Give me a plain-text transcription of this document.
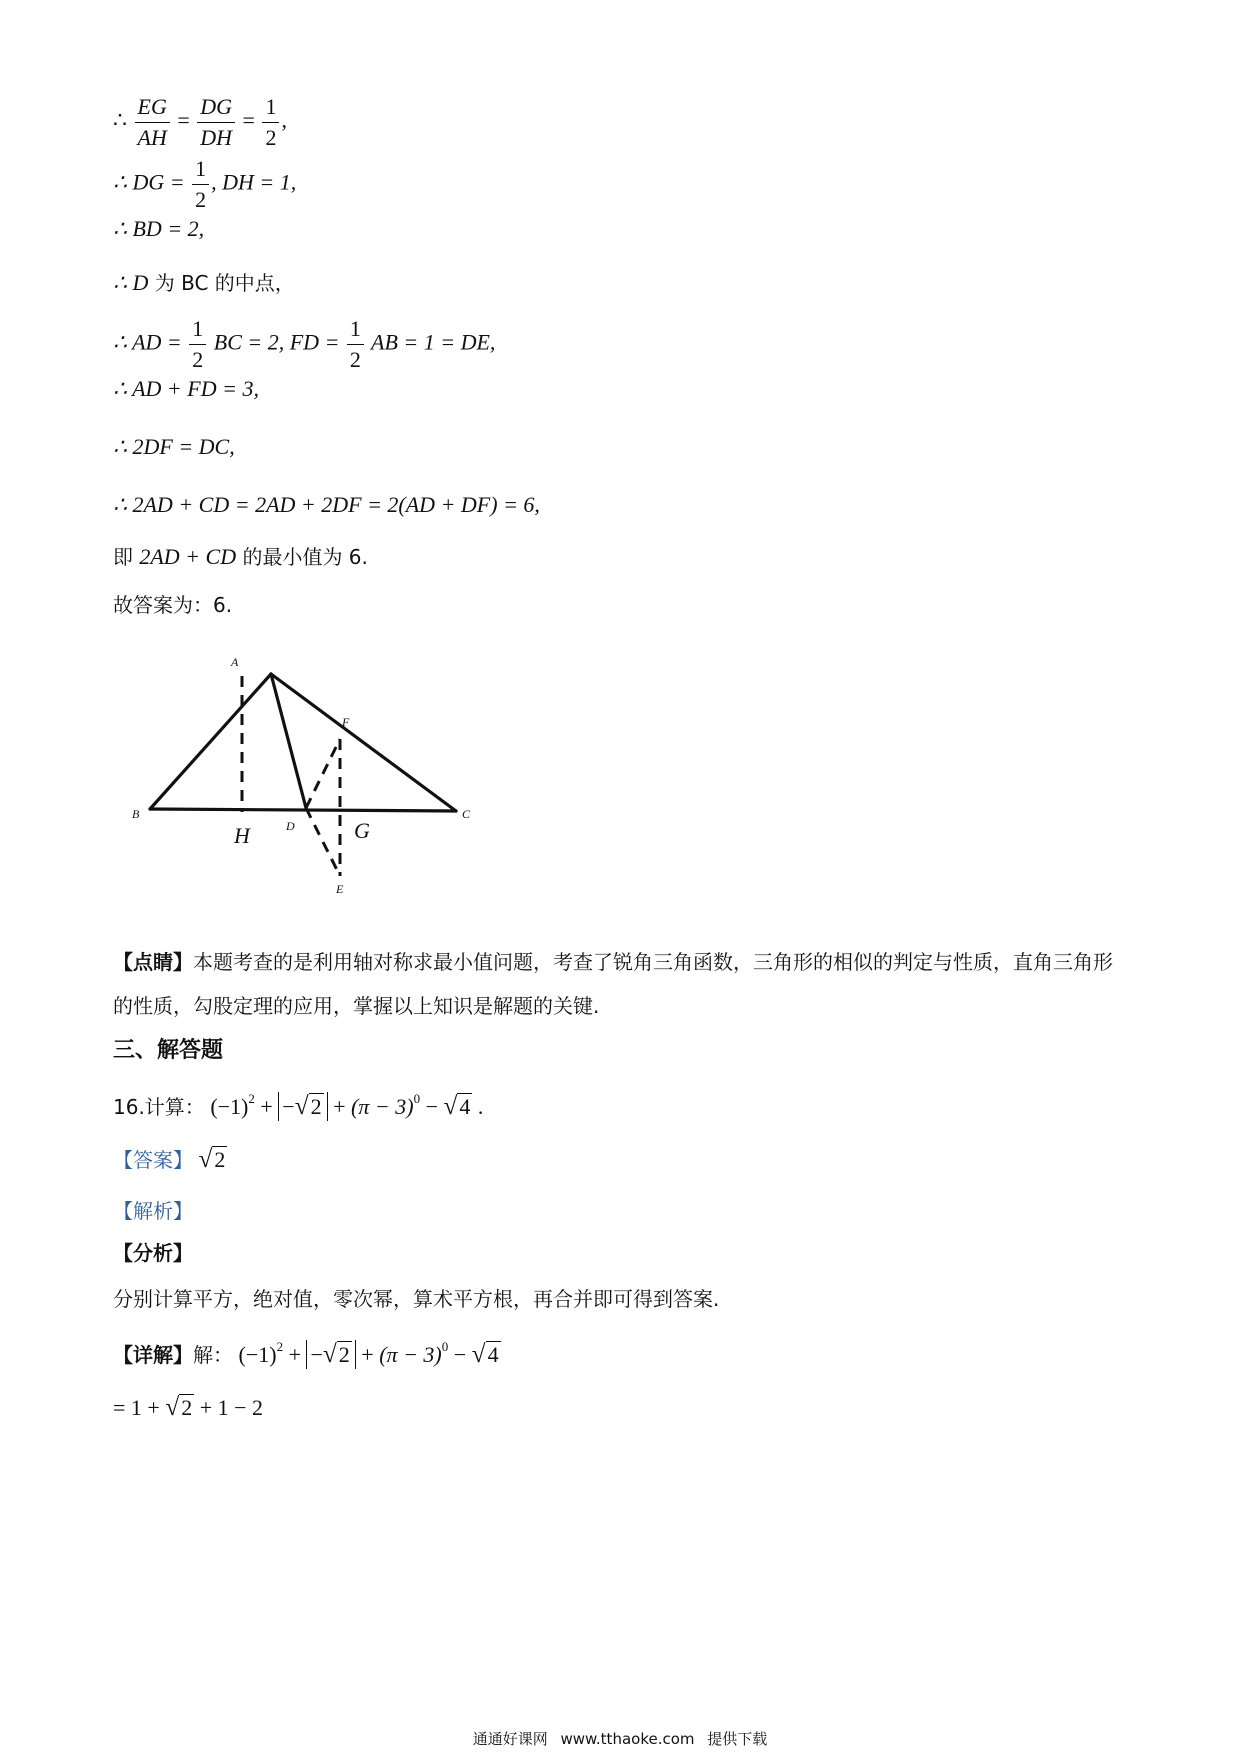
∴ $\frac{EG}{AH} = \frac{DG}{DH} = \frac{1}{2}$ ,
∴ DG = $\frac{1}{2}$ , DH = 1,
∴ BD = 2,
∴ D 为 BC 的中点，
∴ AD = $\frac{1}{2}$ BC = 2, FD = $\frac{1}{2}$ AB = 1 = DE,
∴ AD + FD = 3,
∴ 2DF = DC,
∴ 2AD + CD = 2AD + 2DF = 2(AD + DF) = 6,
即 2AD + CD 的最小值为 6.
故答案为：6.
A
B	C
D
E
F
H	G
【点睛】本题考查的是利用轴对称求最小值问题，考查了锐角三角函数，三角形的相似的判定与性质，直角三角形的性质，勾股定理的应用，掌握以上知识是解题的关键.
三、解答题
16.计算： $(-1)^2 + -√2 + (\pi - 3)^0 - √4$ .
【答案】 √2
【解析】
【分析】
分别计算平方，绝对值，零次幂，算术平方根，再合并即可得到答案.
【详解】解： $(-1)^2 + -√2 + (\pi - 3)^0 - √4$
= 1 + √2 + 1 − 2
通通好课网 www.tthaoke.com 提供下载
